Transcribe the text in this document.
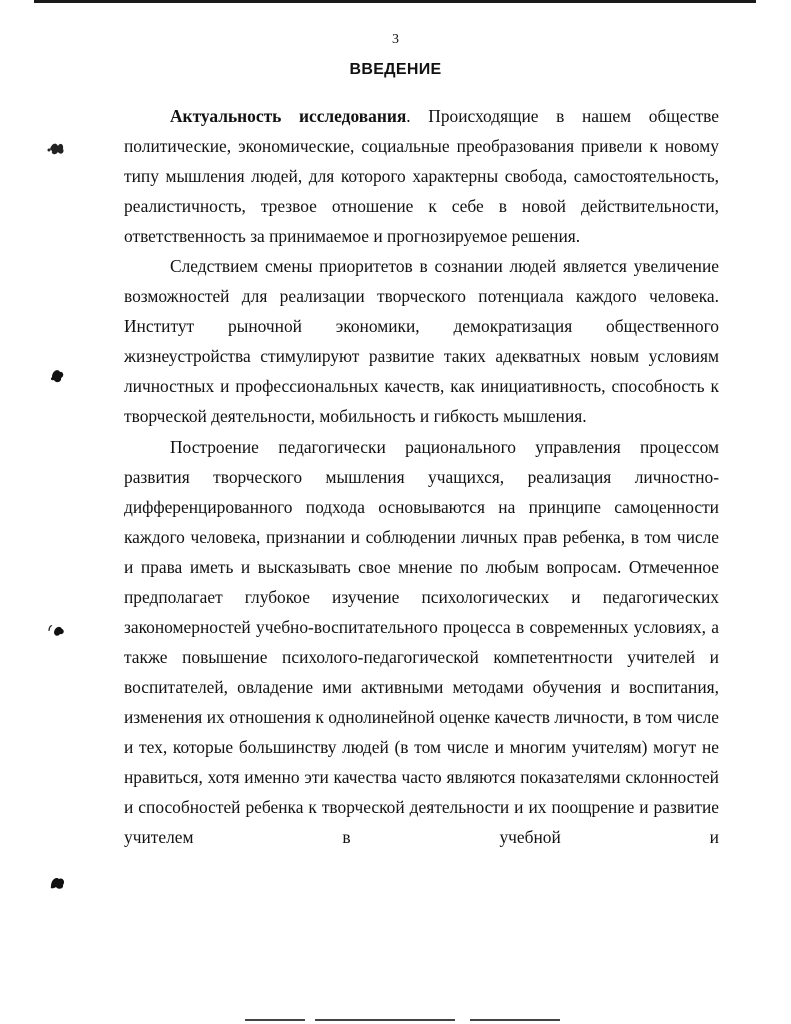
3
ВВЕДЕНИЕ

Актуальность исследования. Происходящие в нашем обществе политические, экономические, социальные преобразования привели к новому типу мышления людей, для которого характерны свобода, самостоятельность, реалистичность, трезвое отношение к себе в новой действительности, ответственность за принимаемое и прогнозируемое решения.

Следствием смены приоритетов в сознании людей является увеличение возможностей для реализации творческого потенциала каждого человека. Институт рыночной экономики, демократизация общественного жизнеустройства стимулируют развитие таких адекватных новым условиям личностных и профессиональных качеств, как инициативность, способность к творческой деятельности, мобильность и гибкость мышления.

Построение педагогически рационального управления процессом развития творческого мышления учащихся, реализация личностно-дифференцированного подхода основываются на принципе самоценности каждого человека, признании и соблюдении личных прав ребенка, в том числе и права иметь и высказывать свое мнение по любым вопросам. Отмеченное предполагает глубокое изучение психологических и педагогических закономерностей учебно-воспитательного процесса в современных условиях, а также повышение психолого-педагогической компетентности учителей и воспитателей, овладение ими активными методами обучения и воспитания, изменения их отношения к однолинейной оценке качеств личности, в том числе и тех, которые большинству людей (в том числе и многим учителям) могут не нравиться, хотя именно эти качества часто являются показателями склонностей и способностей ребенка к творческой деятельности и их поощрение и развитие учителем в учебной и
